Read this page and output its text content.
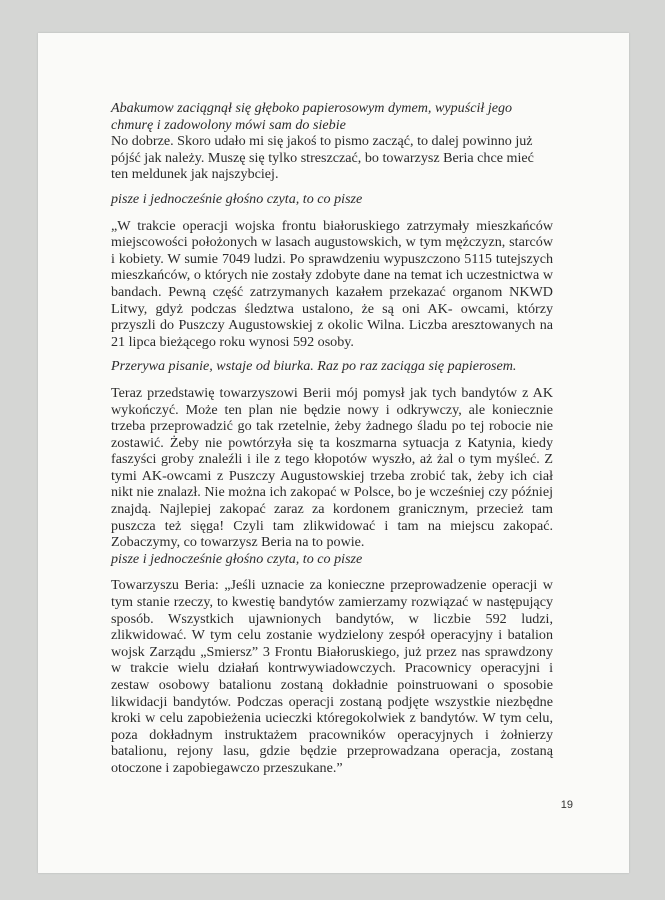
Abakumow zaciągnął się głęboko papierosowym dymem, wypuścił jego chmurę i zadowolony mówi sam do siebie

No dobrze. Skoro udało mi się jakoś to pismo zacząć, to dalej powinno już pójść jak należy. Muszę się tylko streszczać, bo towarzysz Beria chce mieć ten meldunek jak najszybciej.

pisze i jednocześnie głośno czyta, to co pisze

„W trakcie operacji wojska frontu białoruskiego zatrzymały mieszkańców miejscowości położonych w lasach augustowskich, w tym mężczyzn, starców i kobiety. W sumie 7049 ludzi. Po sprawdzeniu wypuszczono 5115 tutejszych mieszkańców, o których nie zostały zdobyte dane na temat ich uczestnictwa w bandach. Pewną część zatrzymanych kazałem przekazać organom NKWD Litwy, gdyż podczas śledztwa ustalono, że są oni AK- owcami, którzy przyszli do Puszczy Augustowskiej z okolic Wilna. Liczba aresztowanych na 21 lipca bieżącego roku wynosi 592 osoby.

Przerywa pisanie, wstaje od biurka. Raz po raz zaciąga się papierosem.

Teraz przedstawię towarzyszowi Berii mój pomysł jak tych bandytów z AK wykończyć. Może ten plan nie będzie nowy i odkrywczy, ale koniecznie trzeba przeprowadzić go tak rzetelnie, żeby żadnego śladu po tej robocie nie zostawić. Żeby nie powtórzyła się ta koszmarna sytuacja z Katynia, kiedy faszyści groby znaleźli i ile z tego kłopotów wyszło, aż żal o tym myśleć. Z tymi AK-owcami z Puszczy Augustowskiej trzeba zrobić tak, żeby ich ciał nikt nie znalazł. Nie można ich zakopać w Polsce, bo je wcześniej czy później znajdą. Najlepiej zakopać zaraz za kordonem granicznym, przecież tam puszcza też sięga! Czyli tam zlikwidować i tam na miejscu zakopać. Zobaczymy, co towarzysz Beria na to powie.

pisze i jednocześnie głośno czyta, to co pisze

Towarzyszu Beria: „Jeśli uznacie za konieczne przeprowadzenie operacji w tym stanie rzeczy, to kwestię bandytów zamierzamy rozwiązać w następujący sposób. Wszystkich ujawnionych bandytów, w liczbie 592 ludzi, zlikwidować. W tym celu zostanie wydzielony zespół operacyjny i batalion wojsk Zarządu „Smiersz” 3 Frontu Białoruskiego, już przez nas sprawdzony w trakcie wielu działań kontrwywiadowczych. Pracownicy operacyjni i zestaw osobowy batalionu zostaną dokładnie poinstruowani o sposobie likwidacji bandytów. Podczas operacji zostaną podjęte wszystkie niezbędne kroki w celu zapobieżenia ucieczki któregokolwiek z bandytów. W tym celu, poza dokładnym instruktażem pracowników operacyjnych i żołnierzy batalionu, rejony lasu, gdzie będzie przeprowadzana operacja, zostaną otoczone i zapobiegawczo przeszukane.”

19
